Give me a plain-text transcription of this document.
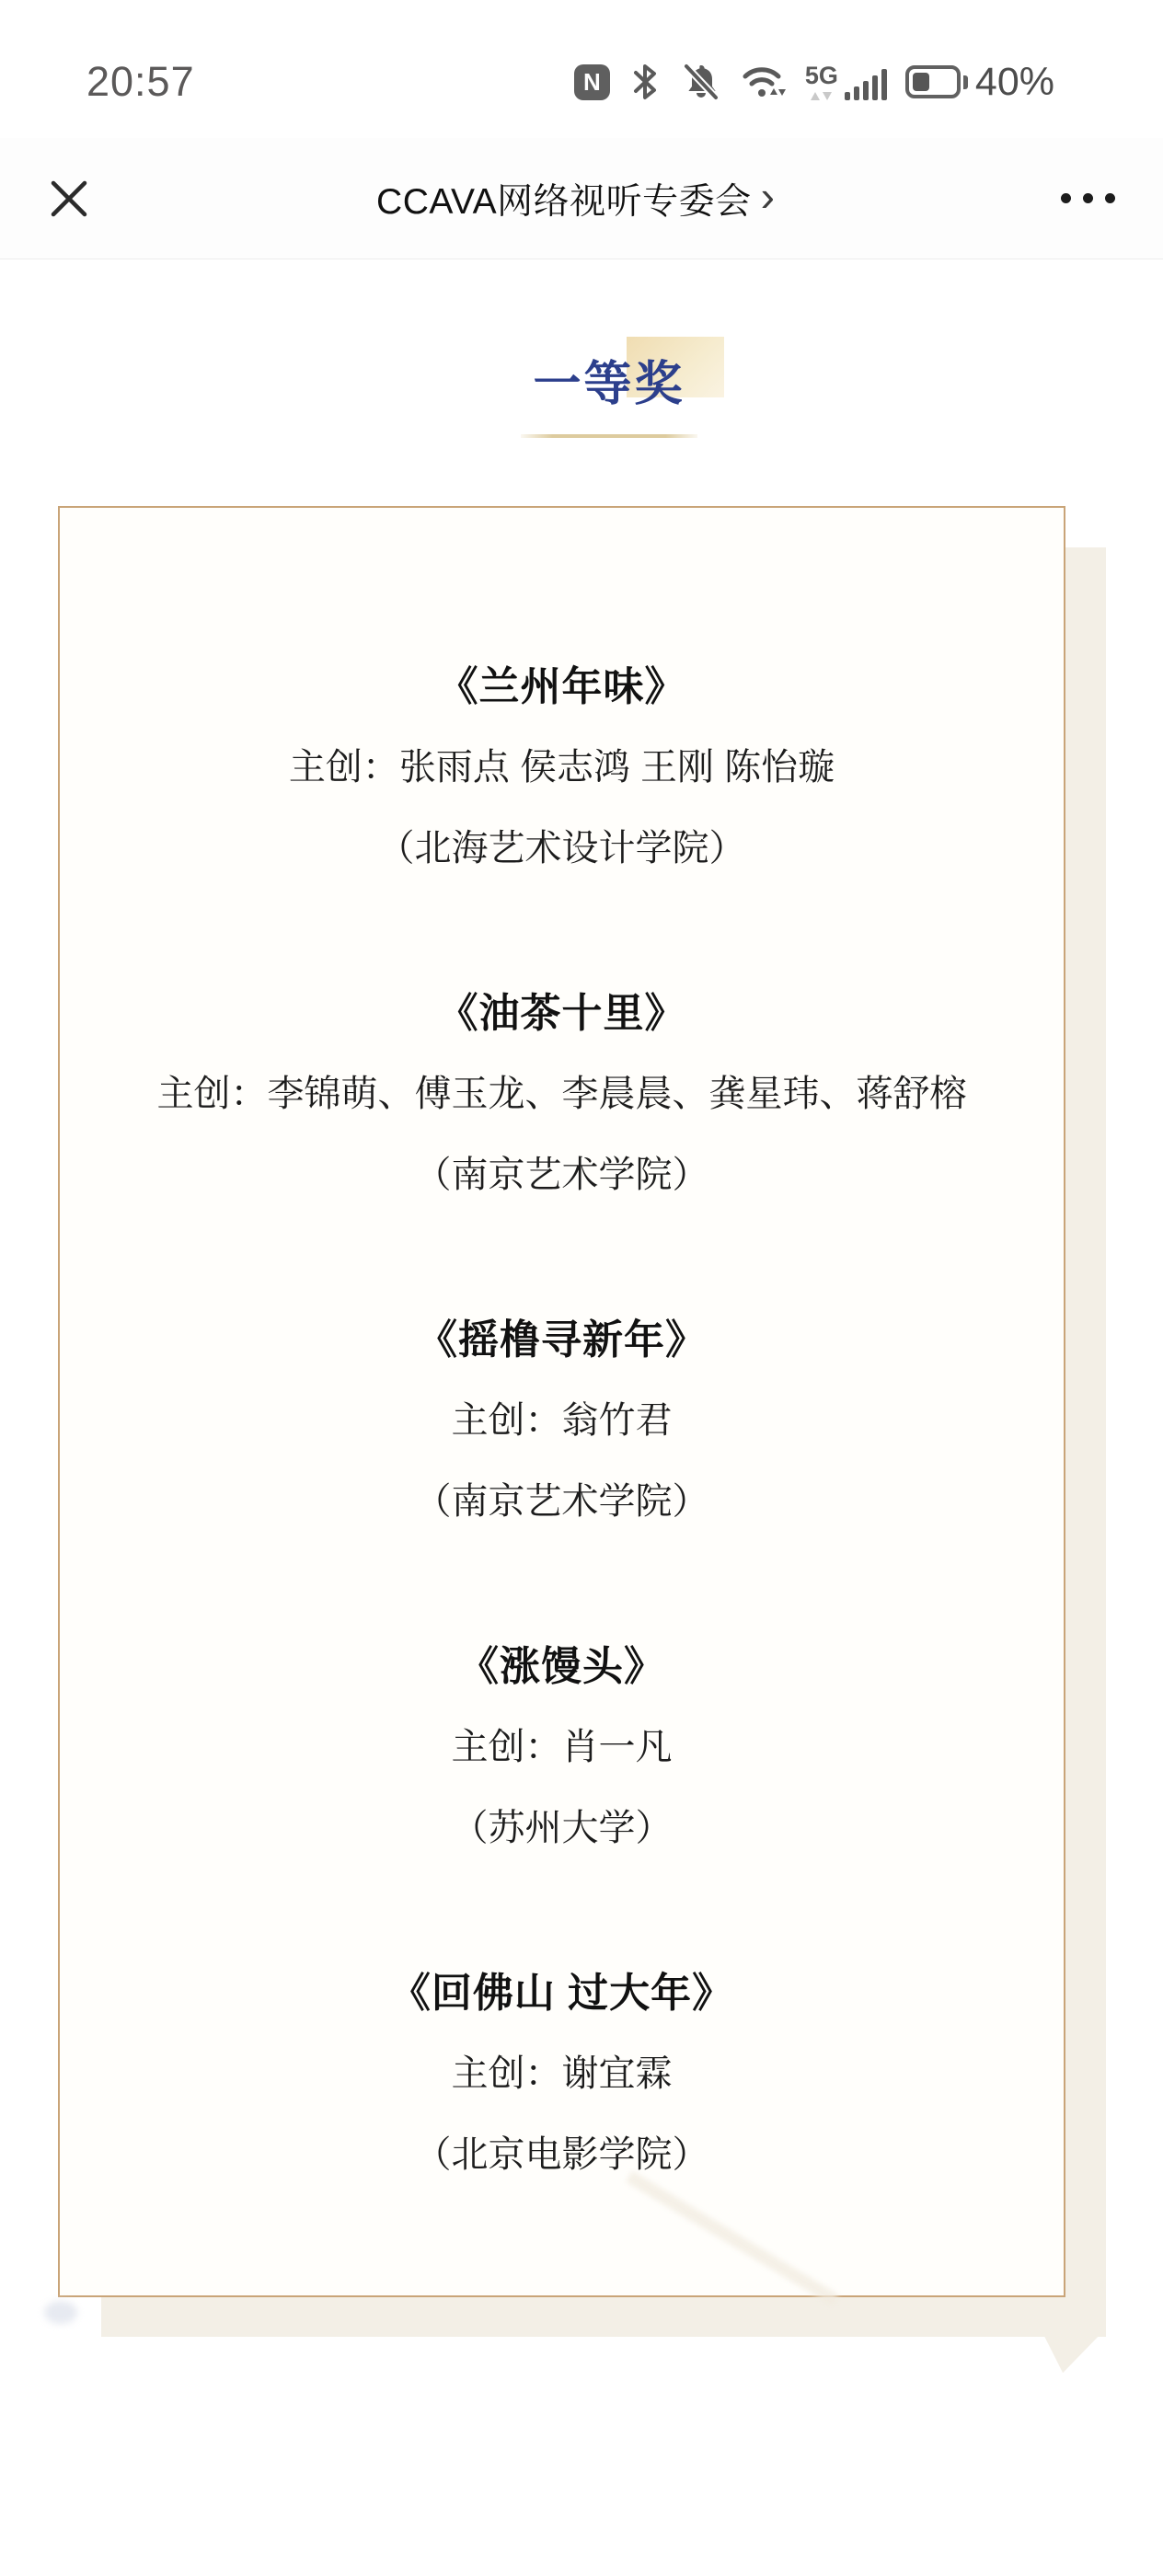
20:57	N	5G	40%
CCAVA网络视听专委会 ›
一等奖

《兰州年味》

主创：张雨点 侯志鸿 王刚 陈怡璇

（北海艺术设计学院）

《油茶十里》

主创：李锦萌、傅玉龙、李晨晨、龚星玮、蒋舒榕

（南京艺术学院）

《摇橹寻新年》

主创：翁竹君

（南京艺术学院）

《涨馒头》

主创：肖一凡

（苏州大学）

《回佛山 过大年》

主创：谢宜霖

（北京电影学院）
